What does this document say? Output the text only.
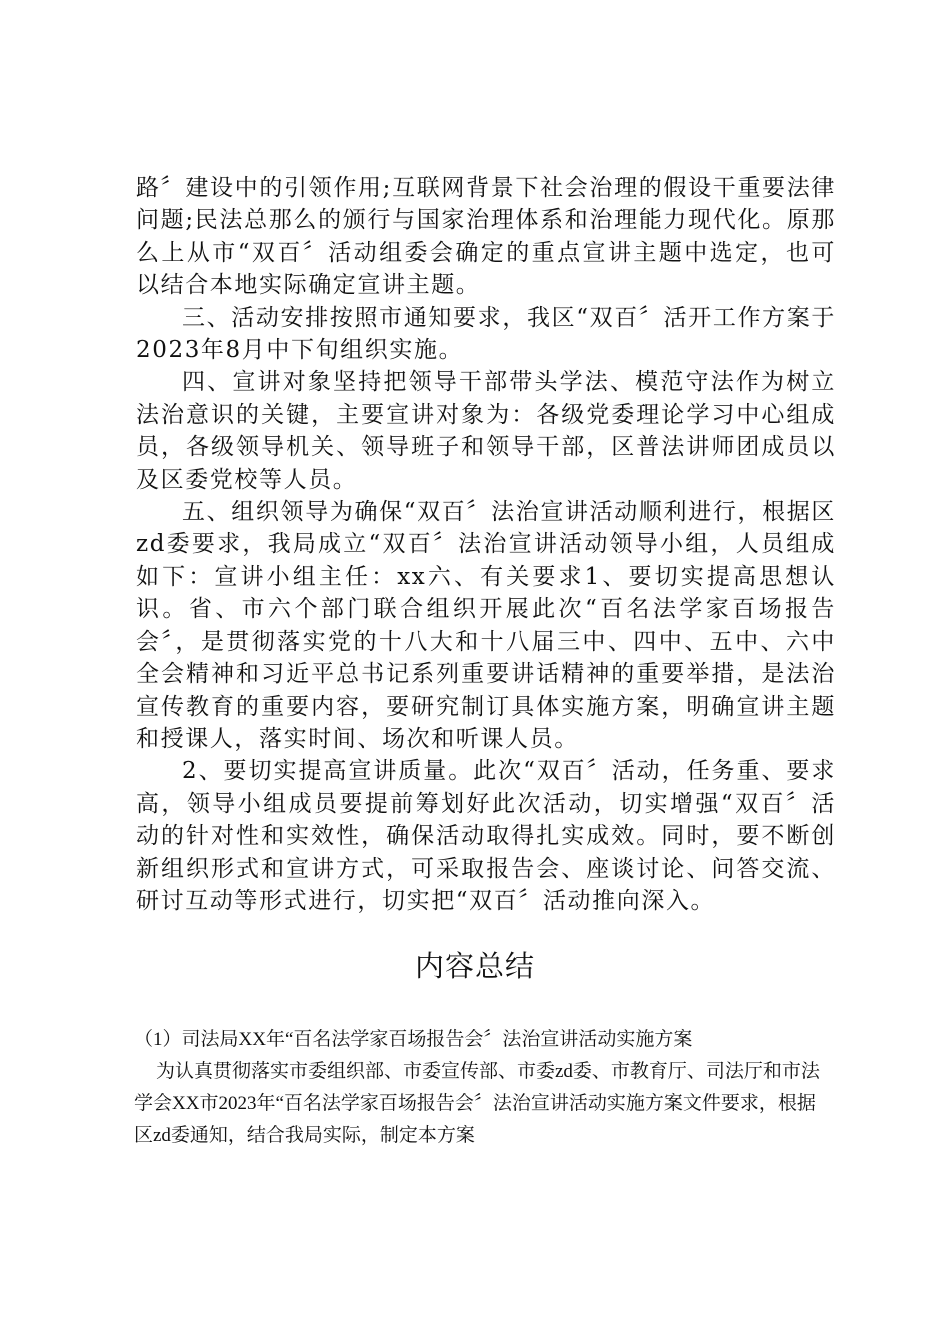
路〞建设中的引领作用;互联网背景下社会治理的假设干重要法律问题;民法总那么的颁行与国家治理体系和治理能力现代化。原那么上从市“双百〞活动组委会确定的重点宣讲主题中选定，也可以结合本地实际确定宣讲主题。

三、活动安排按照市通知要求，我区“双百〞活开工作方案于2023年8月中下旬组织实施。

四、宣讲对象坚持把领导干部带头学法、模范守法作为树立法治意识的关键，主要宣讲对象为：各级党委理论学习中心组成员，各级领导机关、领导班子和领导干部，区普法讲师团成员以及区委党校等人员。

五、组织领导为确保“双百〞法治宣讲活动顺利进行，根据区zd委要求，我局成立“双百〞法治宣讲活动领导小组，人员组成如下：宣讲小组主任：xx六、有关要求1、要切实提高思想认识。省、市六个部门联合组织开展此次“百名法学家百场报告会〞，是贯彻落实党的十八大和十八届三中、四中、五中、六中全会精神和习近平总书记系列重要讲话精神的重要举措，是法治宣传教育的重要内容，要研究制订具体实施方案，明确宣讲主题和授课人，落实时间、场次和听课人员。

2、要切实提高宣讲质量。此次“双百〞活动，任务重、要求高，领导小组成员要提前筹划好此次活动，切实增强“双百〞活动的针对性和实效性，确保活动取得扎实成效。同时，要不断创新组织形式和宣讲方式，可采取报告会、座谈讨论、问答交流、研讨互动等形式进行，切实把“双百〞活动推向深入。

内容总结

（1）司法局XX年“百名法学家百场报告会〞法治宣讲活动实施方案

为认真贯彻落实市委组织部、市委宣传部、市委zd委、市教育厅、司法厅和市法学会XX市2023年“百名法学家百场报告会〞法治宣讲活动实施方案文件要求，根据区zd委通知，结合我局实际，制定本方案
